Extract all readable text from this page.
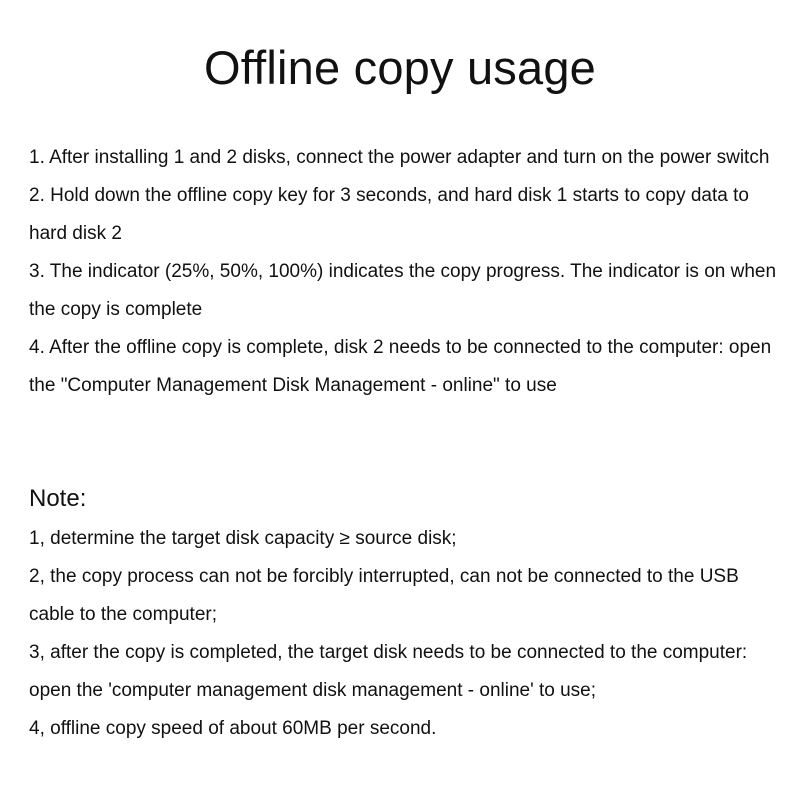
Offline copy usage
1. After installing 1 and 2 disks, connect the power adapter and turn on the power switch
2. Hold down the offline copy key for 3 seconds, and hard disk 1 starts to copy data to hard disk 2
3. The indicator (25%, 50%, 100%) indicates the copy progress. The indicator is on when the copy is complete
4. After the offline copy is complete, disk 2 needs to be connected to the computer: open the "Computer Management Disk Management - online" to use
Note:
1, determine the target disk capacity ≥ source disk;
2, the copy process can not be forcibly interrupted, can not be connected to the USB cable to the computer;
3, after the copy is completed, the target disk needs to be connected to the computer: open the 'computer management disk management - online' to use;
4, offline copy speed of about 60MB per second.
